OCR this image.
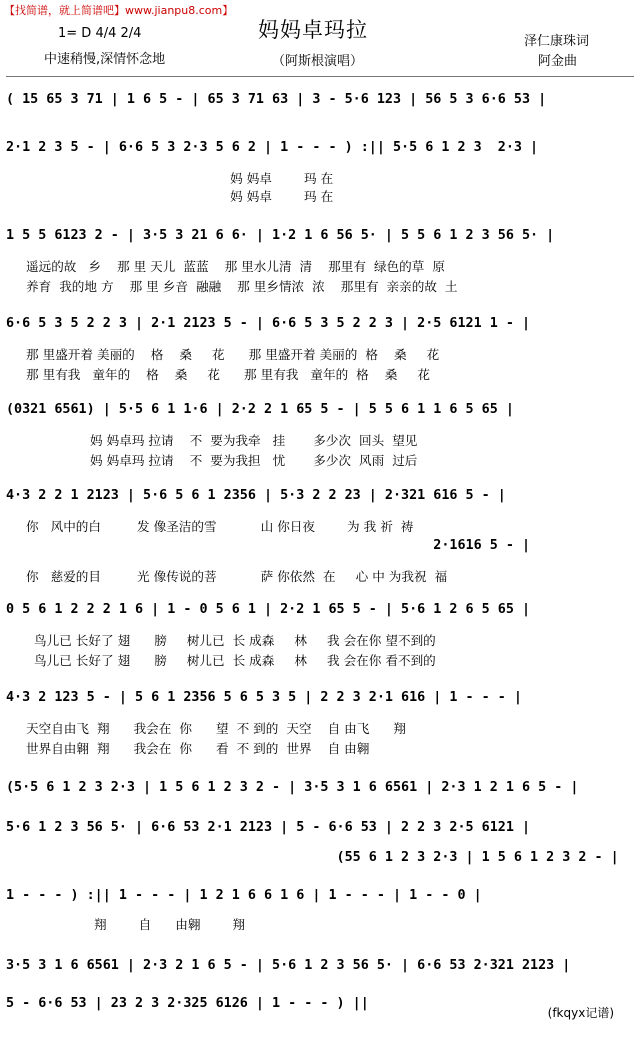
【找简谱，就上简谱吧】www.jianpu8.com】
妈妈卓玛拉
1= D 4/4 2/4
中速稍慢,深情怀念地	（阿斯根演唱）
泽仁康珠词
阿金曲
( 15 65 3 71 | 1 6 5 - | 65 3 71 63 | 3 - 5·6 123 | 56 5 3 6·6 53 |
2·1 2 3 5 - | 6·6 5 3 2·3 5 6 2 | 1 - - - ) :|| 5·5 6 1 2 3  2·3 |
妈 妈卓        玛 在
妈 妈卓        玛 在
1 5 5 6123 2 - | 3·5 3 21 6 6· | 1·2 1 6 56 5· | 5 5 6 1 2 3 56 5· |
遥远的故   乡    那 里 天儿  蓝蓝    那 里水儿清  清    那里有  绿色的草  原
养育  我的地 方    那 里 乡音  融融    那 里乡情浓  浓    那里有  亲亲的故  土
6·6 5 3 5 2 2 3 | 2·1 2123 5 - | 6·6 5 3 5 2 2 3 | 2·5 6121 1 - |
那 里盛开着 美丽的    格    桑     花      那 里盛开着 美丽的  格    桑     花
那 里有我   童年的    格    桑     花      那 里有我   童年的  格    桑     花
(0321 6561) | 5·5 6 1 1·6 | 2·2 2 1 65 5 - | 5 5 6 1 1 6 5 65 |
妈 妈卓玛 拉请    不  要为我牵   挂       多少次  回头  望见
妈 妈卓玛 拉请    不  要为我担   忧       多少次  风雨  过后
4·3 2 2 1 2123 | 5·6 5 6 1 2356 | 5·3 2 2 23 | 2·321 616 5 - |
你   风中的白         发 像圣洁的雪           山 你日夜        为 我 祈  祷
2·1616 5 - |
你   慈爱的目         光 像传说的菩           萨 你依然  在     心 中 为我祝  福
0 5 6 1 2 2 2 1 6 | 1 - 0 5 6 1 | 2·2 1 65 5 - | 5·6 1 2 6 5 65 |
鸟儿已 长好了 翅      膀     树儿已  长 成森     林     我 会在你 望不到的
鸟儿已 长好了 翅      膀     树儿已  长 成森     林     我 会在你 看不到的
4·3 2 123 5 - | 5 6 1 2356 5 6 5 3 5 | 2 2 3 2·1 616 | 1 - - - |
天空自由飞  翔      我会在  你      望  不 到的  天空    自 由飞      翔
世界自由翱  翔      我会在  你      看  不 到的  世界    自 由翱
(5·5 6 1 2 3 2·3 | 1 5 6 1 2 3 2 - | 3·5 3 1 6 6561 | 2·3 1 2 1 6 5 - |
5·6 1 2 3 56 5· | 6·6 53 2·1 2123 | 5 - 6·6 53 | 2 2 3 2·5 6121 |
(55 6 1 2 3 2·3 | 1 5 6 1 2 3 2 - |
1 - - - ) :|| 1 - - - | 1 2 1 6 6 1 6 | 1 - - - | 1 - - 0 |
翔        自      由翱        翔
3·5 3 1 6 6561 | 2·3 2 1 6 5 - | 5·6 1 2 3 56 5· | 6·6 53 2·321 2123 |
5 - 6·6 53 | 23 2 3 2·325 6126 | 1 - - - ) ||
(fkqyx记谱)
